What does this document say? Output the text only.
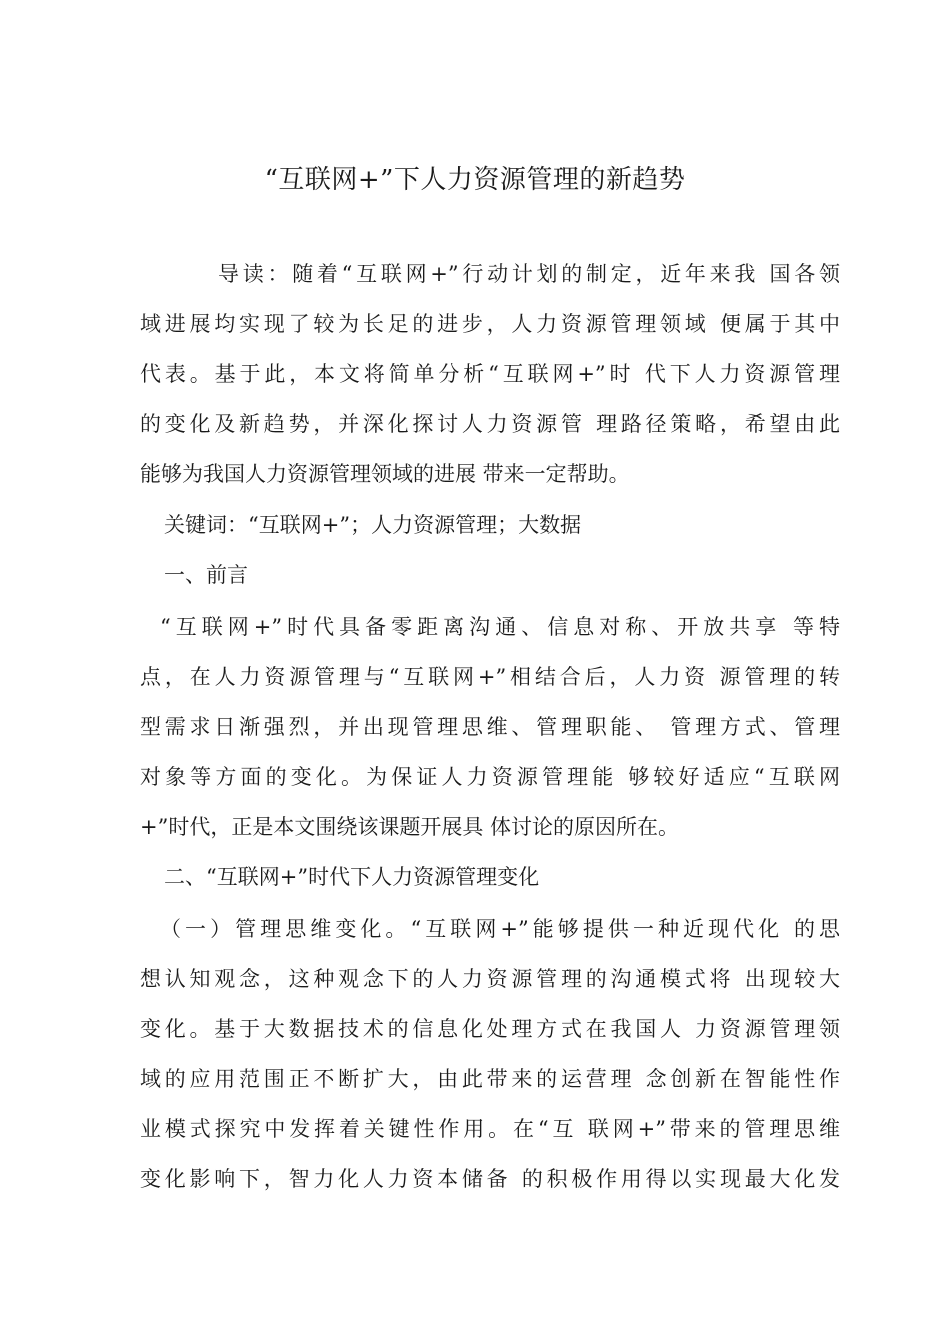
“互联网+”下人力资源管理的新趋势
导读：随着“互联网+”行动计划的制定，近年来我 国各领
域进展均实现了较为长足的进步，人力资源管理领域 便属于其中
代表。基于此，本文将简单分析“互联网+”时 代下人力资源管理
的变化及新趋势，并深化探讨人力资源管 理路径策略，希望由此
能够为我国人力资源管理领域的进展 带来一定帮助。
关键词：“互联网+”；人力资源管理；大数据
一、前言
“互联网+”时代具备零距离沟通、信息对称、开放共享 等特
点，在人力资源管理与“互联网+”相结合后，人力资 源管理的转
型需求日渐强烈，并出现管理思维、管理职能、 管理方式、管理
对象等方面的变化。为保证人力资源管理能 够较好适应“互联网
+”时代，正是本文围绕该课题开展具 体讨论的原因所在。
二、“互联网+”时代下人力资源管理变化
（一）管理思维变化。“互联网+”能够提供一种近现代化 的思
想认知观念，这种观念下的人力资源管理的沟通模式将 出现较大
变化。基于大数据技术的信息化处理方式在我国人 力资源管理领
域的应用范围正不断扩大，由此带来的运营理 念创新在智能性作
业模式探究中发挥着关键性作用。在“互 联网+”带来的管理思维
变化影响下，智力化人力资本储备 的积极作用得以实现最大化发
